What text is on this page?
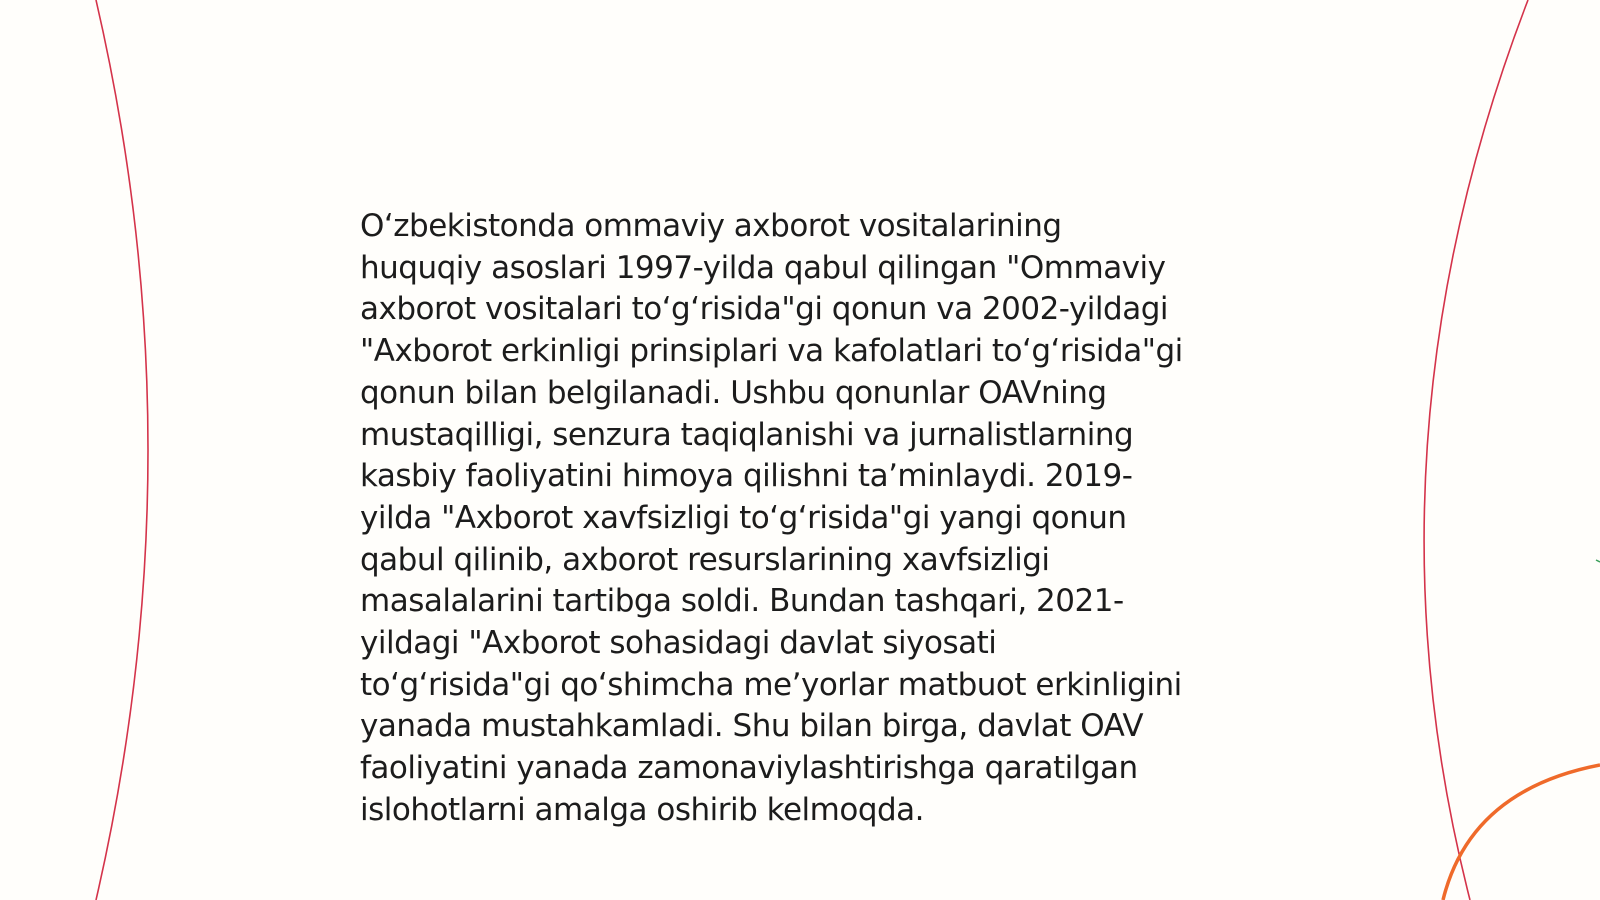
Oʻzbekistonda ommaviy axborot vositalarining
huquqiy asoslari 1997-yilda qabul qilingan "Ommaviy
axborot vositalari toʻgʻrisida"gi qonun va 2002-yildagi
"Axborot erkinligi prinsiplari va kafolatlari toʻgʻrisida"gi
qonun bilan belgilanadi. Ushbu qonunlar OAVning
mustaqilligi, senzura taqiqlanishi va jurnalistlarning
kasbiy faoliyatini himoya qilishni taʼminlaydi. 2019-
yilda "Axborot xavfsizligi toʻgʻrisida"gi yangi qonun
qabul qilinib, axborot resurslarining xavfsizligi
masalalarini tartibga soldi. Bundan tashqari, 2021-
yildagi "Axborot sohasidagi davlat siyosati
toʻgʻrisida"gi qoʻshimcha meʼyorlar matbuot erkinligini
yanada mustahkamladi. Shu bilan birga, davlat OAV
faoliyatini yanada zamonaviylashtirishga qaratilgan
islohotlarni amalga oshirib kelmoqda.
